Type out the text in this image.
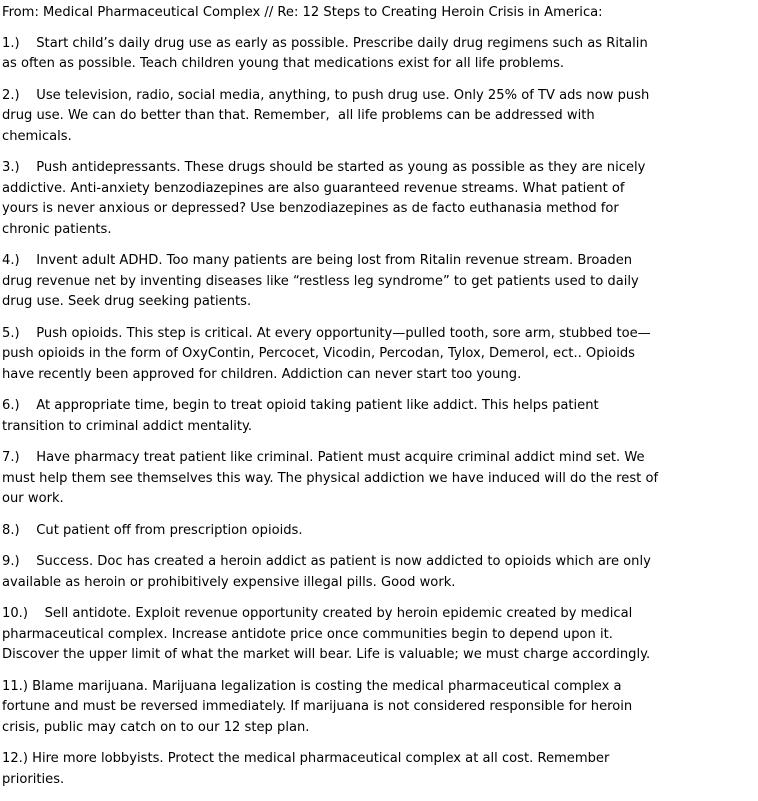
From: Medical Pharmaceutical Complex // Re: 12 Steps to Creating Heroin Crisis in America:
1.)    Start child’s daily drug use as early as possible. Prescribe daily drug regimens such as Ritalin as often as possible. Teach children young that medications exist for all life problems.
2.)    Use television, radio, social media, anything, to push drug use. Only 25% of TV ads now push drug use. We can do better than that. Remember,  all life problems can be addressed with chemicals.
3.)    Push antidepressants. These drugs should be started as young as possible as they are nicely addictive. Anti-anxiety benzodiazepines are also guaranteed revenue streams. What patient of yours is never anxious or depressed? Use benzodiazepines as de facto euthanasia method for chronic patients.
4.)    Invent adult ADHD. Too many patients are being lost from Ritalin revenue stream. Broaden drug revenue net by inventing diseases like “restless leg syndrome” to get patients used to daily drug use. Seek drug seeking patients.
5.)    Push opioids. This step is critical. At every opportunity—pulled tooth, sore arm, stubbed toe—push opioids in the form of OxyContin, Percocet, Vicodin, Percodan, Tylox, Demerol, ect.. Opioids have recently been approved for children. Addiction can never start too young.
6.)    At appropriate time, begin to treat opioid taking patient like addict. This helps patient transition to criminal addict mentality.
7.)    Have pharmacy treat patient like criminal. Patient must acquire criminal addict mind set. We must help them see themselves this way. The physical addiction we have induced will do the rest of our work.
8.)    Cut patient off from prescription opioids.
9.)    Success. Doc has created a heroin addict as patient is now addicted to opioids which are only available as heroin or prohibitively expensive illegal pills. Good work.
10.)    Sell antidote. Exploit revenue opportunity created by heroin epidemic created by medical pharmaceutical complex. Increase antidote price once communities begin to depend upon it. Discover the upper limit of what the market will bear. Life is valuable; we must charge accordingly.
11.) Blame marijuana. Marijuana legalization is costing the medical pharmaceutical complex a fortune and must be reversed immediately. If marijuana is not considered responsible for heroin crisis, public may catch on to our 12 step plan.
12.) Hire more lobbyists. Protect the medical pharmaceutical complex at all cost. Remember priorities.
